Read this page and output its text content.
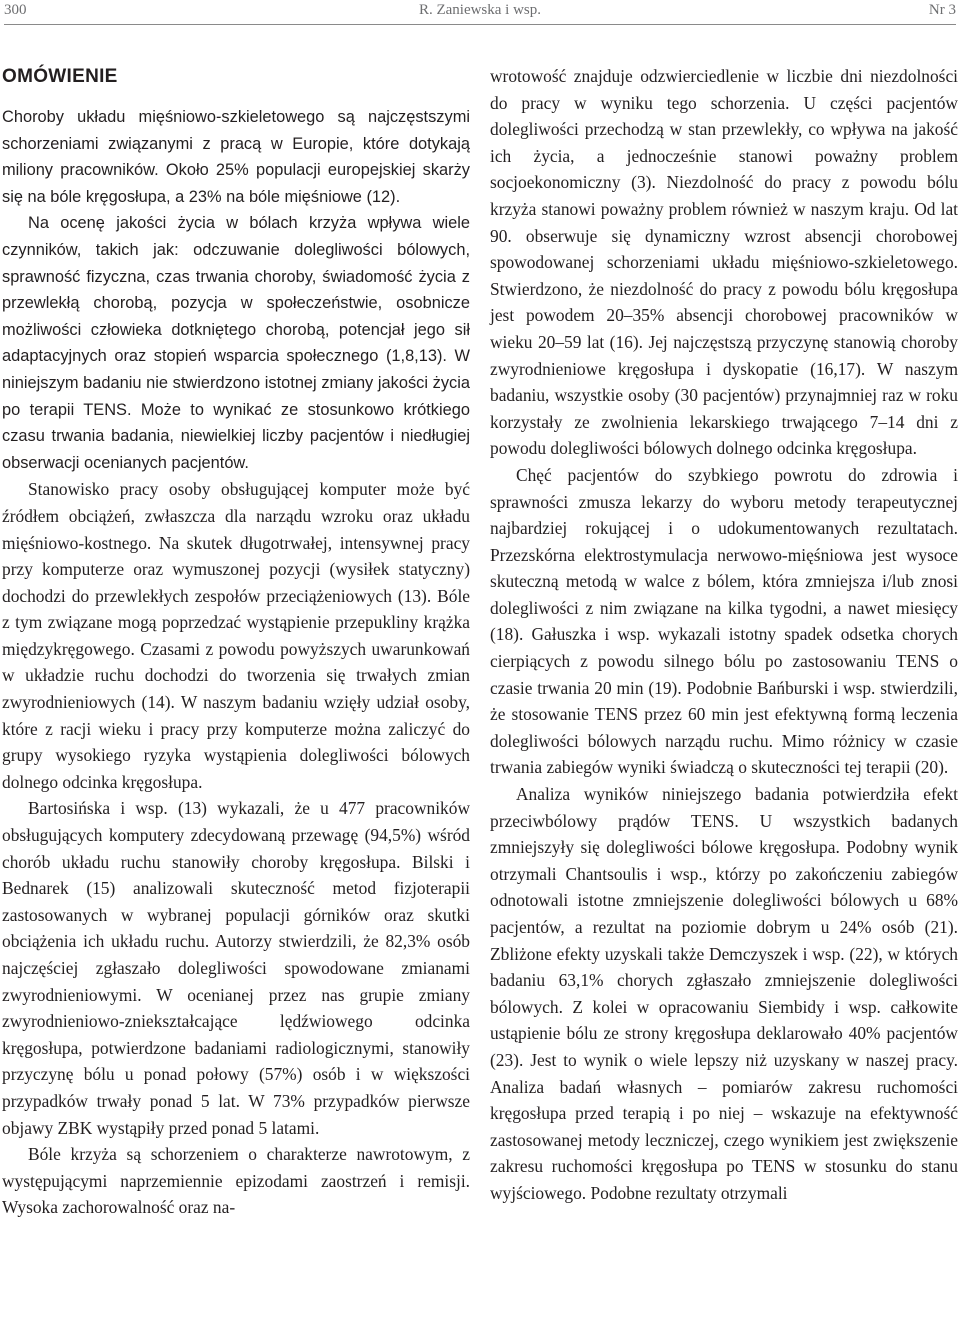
300	R. Zaniewska i wsp.	Nr 3
OMÓWIENIE

Choroby układu mięśniowo-szkieletowego są najczęstszymi schorzeniami związanymi z pracą w Europie, które dotykają miliony pracowników. Około 25% populacji europejskiej skarży się na bóle kręgosłupa, a 23% na bóle mięśniowe (12).

Na ocenę jakości życia w bólach krzyża wpływa wiele czynników, takich jak: odczuwanie dolegliwości bólowych, sprawność fizyczna, czas trwania choroby, świadomość życia z przewlekłą chorobą, pozycja w społeczeństwie, osobnicze możliwości człowieka dotkniętego chorobą, potencjał jego sił adaptacyjnych oraz stopień wsparcia społecznego (1,8,13). W niniejszym badaniu nie stwierdzono istotnej zmiany jakości życia po terapii TENS. Może to wynikać ze stosunkowo krótkiego czasu trwania badania, niewielkiej liczby pacjentów i niedługiej obserwacji ocenianych pacjentów.

Stanowisko pracy osoby obsługującej komputer może być źródłem obciążeń, zwłaszcza dla narządu wzroku oraz układu mięśniowo-kostnego. Na skutek długotrwałej, intensywnej pracy przy komputerze oraz wymuszonej pozycji (wysiłek statyczny) dochodzi do przewlekłych zespołów przeciążeniowych (13). Bóle z tym związane mogą poprzedzać wystąpienie przepukliny krążka międzykręgowego. Czasami z powodu powyższych uwarunkowań w układzie ruchu dochodzi do tworzenia się trwałych zmian zwyrodnieniowych (14). W naszym badaniu wzięły udział osoby, które z racji wieku i pracy przy komputerze można zaliczyć do grupy wysokiego ryzyka wystąpienia dolegliwości bólowych dolnego odcinka kręgosłupa.

Bartosińska i wsp. (13) wykazali, że u 477 pracowników obsługujących komputery zdecydowaną przewagę (94,5%) wśród chorób układu ruchu stanowiły choroby kręgosłupa. Bilski i Bednarek (15) analizowali skuteczność metod fizjoterapii zastosowanych w wybranej populacji górników oraz skutki obciążenia ich układu ruchu. Autorzy stwierdzili, że 82,3% osób najczęściej zgłaszało dolegliwości spowodowane zmianami zwyrodnieniowymi. W ocenianej przez nas grupie zmiany zwyrodnieniowo-zniekształcające lędźwiowego odcinka kręgosłupa, potwierdzone badaniami radiologicznymi, stanowiły przyczynę bólu u ponad połowy (57%) osób i w większości przypadków trwały ponad 5 lat. W 73% przypadków pierwsze objawy ZBK wystąpiły przed ponad 5 latami.

Bóle krzyża są schorzeniem o charakterze nawrotowym, z występującymi naprzemiennie epizodami zaostrzeń i remisji. Wysoka zachorowalność oraz na-

wrotowość znajduje odzwierciedlenie w liczbie dni niezdolności do pracy w wyniku tego schorzenia. U części pacjentów dolegliwości przechodzą w stan przewlekły, co wpływa na jakość ich życia, a jednocześnie stanowi poważny problem socjoekonomiczny (3). Niezdolność do pracy z powodu bólu krzyża stanowi poważny problem również w naszym kraju. Od lat 90. obserwuje się dynamiczny wzrost absencji chorobowej spowodowanej schorzeniami układu mięśniowo-szkieletowego. Stwierdzono, że niezdolność do pracy z powodu bólu kręgosłupa jest powodem 20–35% absencji chorobowej pracowników w wieku 20–59 lat (16). Jej najczęstszą przyczynę stanowią choroby zwyrodnieniowe kręgosłupa i dyskopatie (16,17). W naszym badaniu, wszystkie osoby (30 pacjentów) przynajmniej raz w roku korzystały ze zwolnienia lekarskiego trwającego 7–14 dni z powodu dolegliwości bólowych dolnego odcinka kręgosłupa.

Chęć pacjentów do szybkiego powrotu do zdrowia i sprawności zmusza lekarzy do wyboru metody terapeutycznej najbardziej rokującej i o udokumentowanych rezultatach. Przezskórna elektrostymulacja nerwowo-mięśniowa jest wysoce skuteczną metodą w walce z bólem, która zmniejsza i/lub znosi dolegliwości z nim związane na kilka tygodni, a nawet miesięcy (18). Gałuszka i wsp. wykazali istotny spadek odsetka chorych cierpiących z powodu silnego bólu po zastosowaniu TENS o czasie trwania 20 min (19). Podobnie Bańburski i wsp. stwierdzili, że stosowanie TENS przez 60 min jest efektywną formą leczenia dolegliwości bólowych narządu ruchu. Mimo różnicy w czasie trwania zabiegów wyniki świadczą o skuteczności tej terapii (20).

Analiza wyników niniejszego badania potwierdziła efekt przeciwbólowy prądów TENS. U wszystkich badanych zmniejszyły się dolegliwości bólowe kręgosłupa. Podobny wynik otrzymali Chantsoulis i wsp., którzy po zakończeniu zabiegów odnotowali istotne zmniejszenie dolegliwości bólowych u 68% pacjentów, a rezultat na poziomie dobrym u 24% osób (21). Zbliżone efekty uzyskali także Demczyszek i wsp. (22), w których badaniu 63,1% chorych zgłaszało zmniejszenie dolegliwości bólowych. Z kolei w opracowaniu Siembidy i wsp. całkowite ustąpienie bólu ze strony kręgosłupa deklarowało 40% pacjentów (23). Jest to wynik o wiele lepszy niż uzyskany w naszej pracy. Analiza badań własnych – pomiarów zakresu ruchomości kręgosłupa przed terapią i po niej – wskazuje na efektywność zastosowanej metody leczniczej, czego wynikiem jest zwiększenie zakresu ruchomości kręgosłupa po TENS w stosunku do stanu wyjściowego. Podobne rezultaty otrzymali
